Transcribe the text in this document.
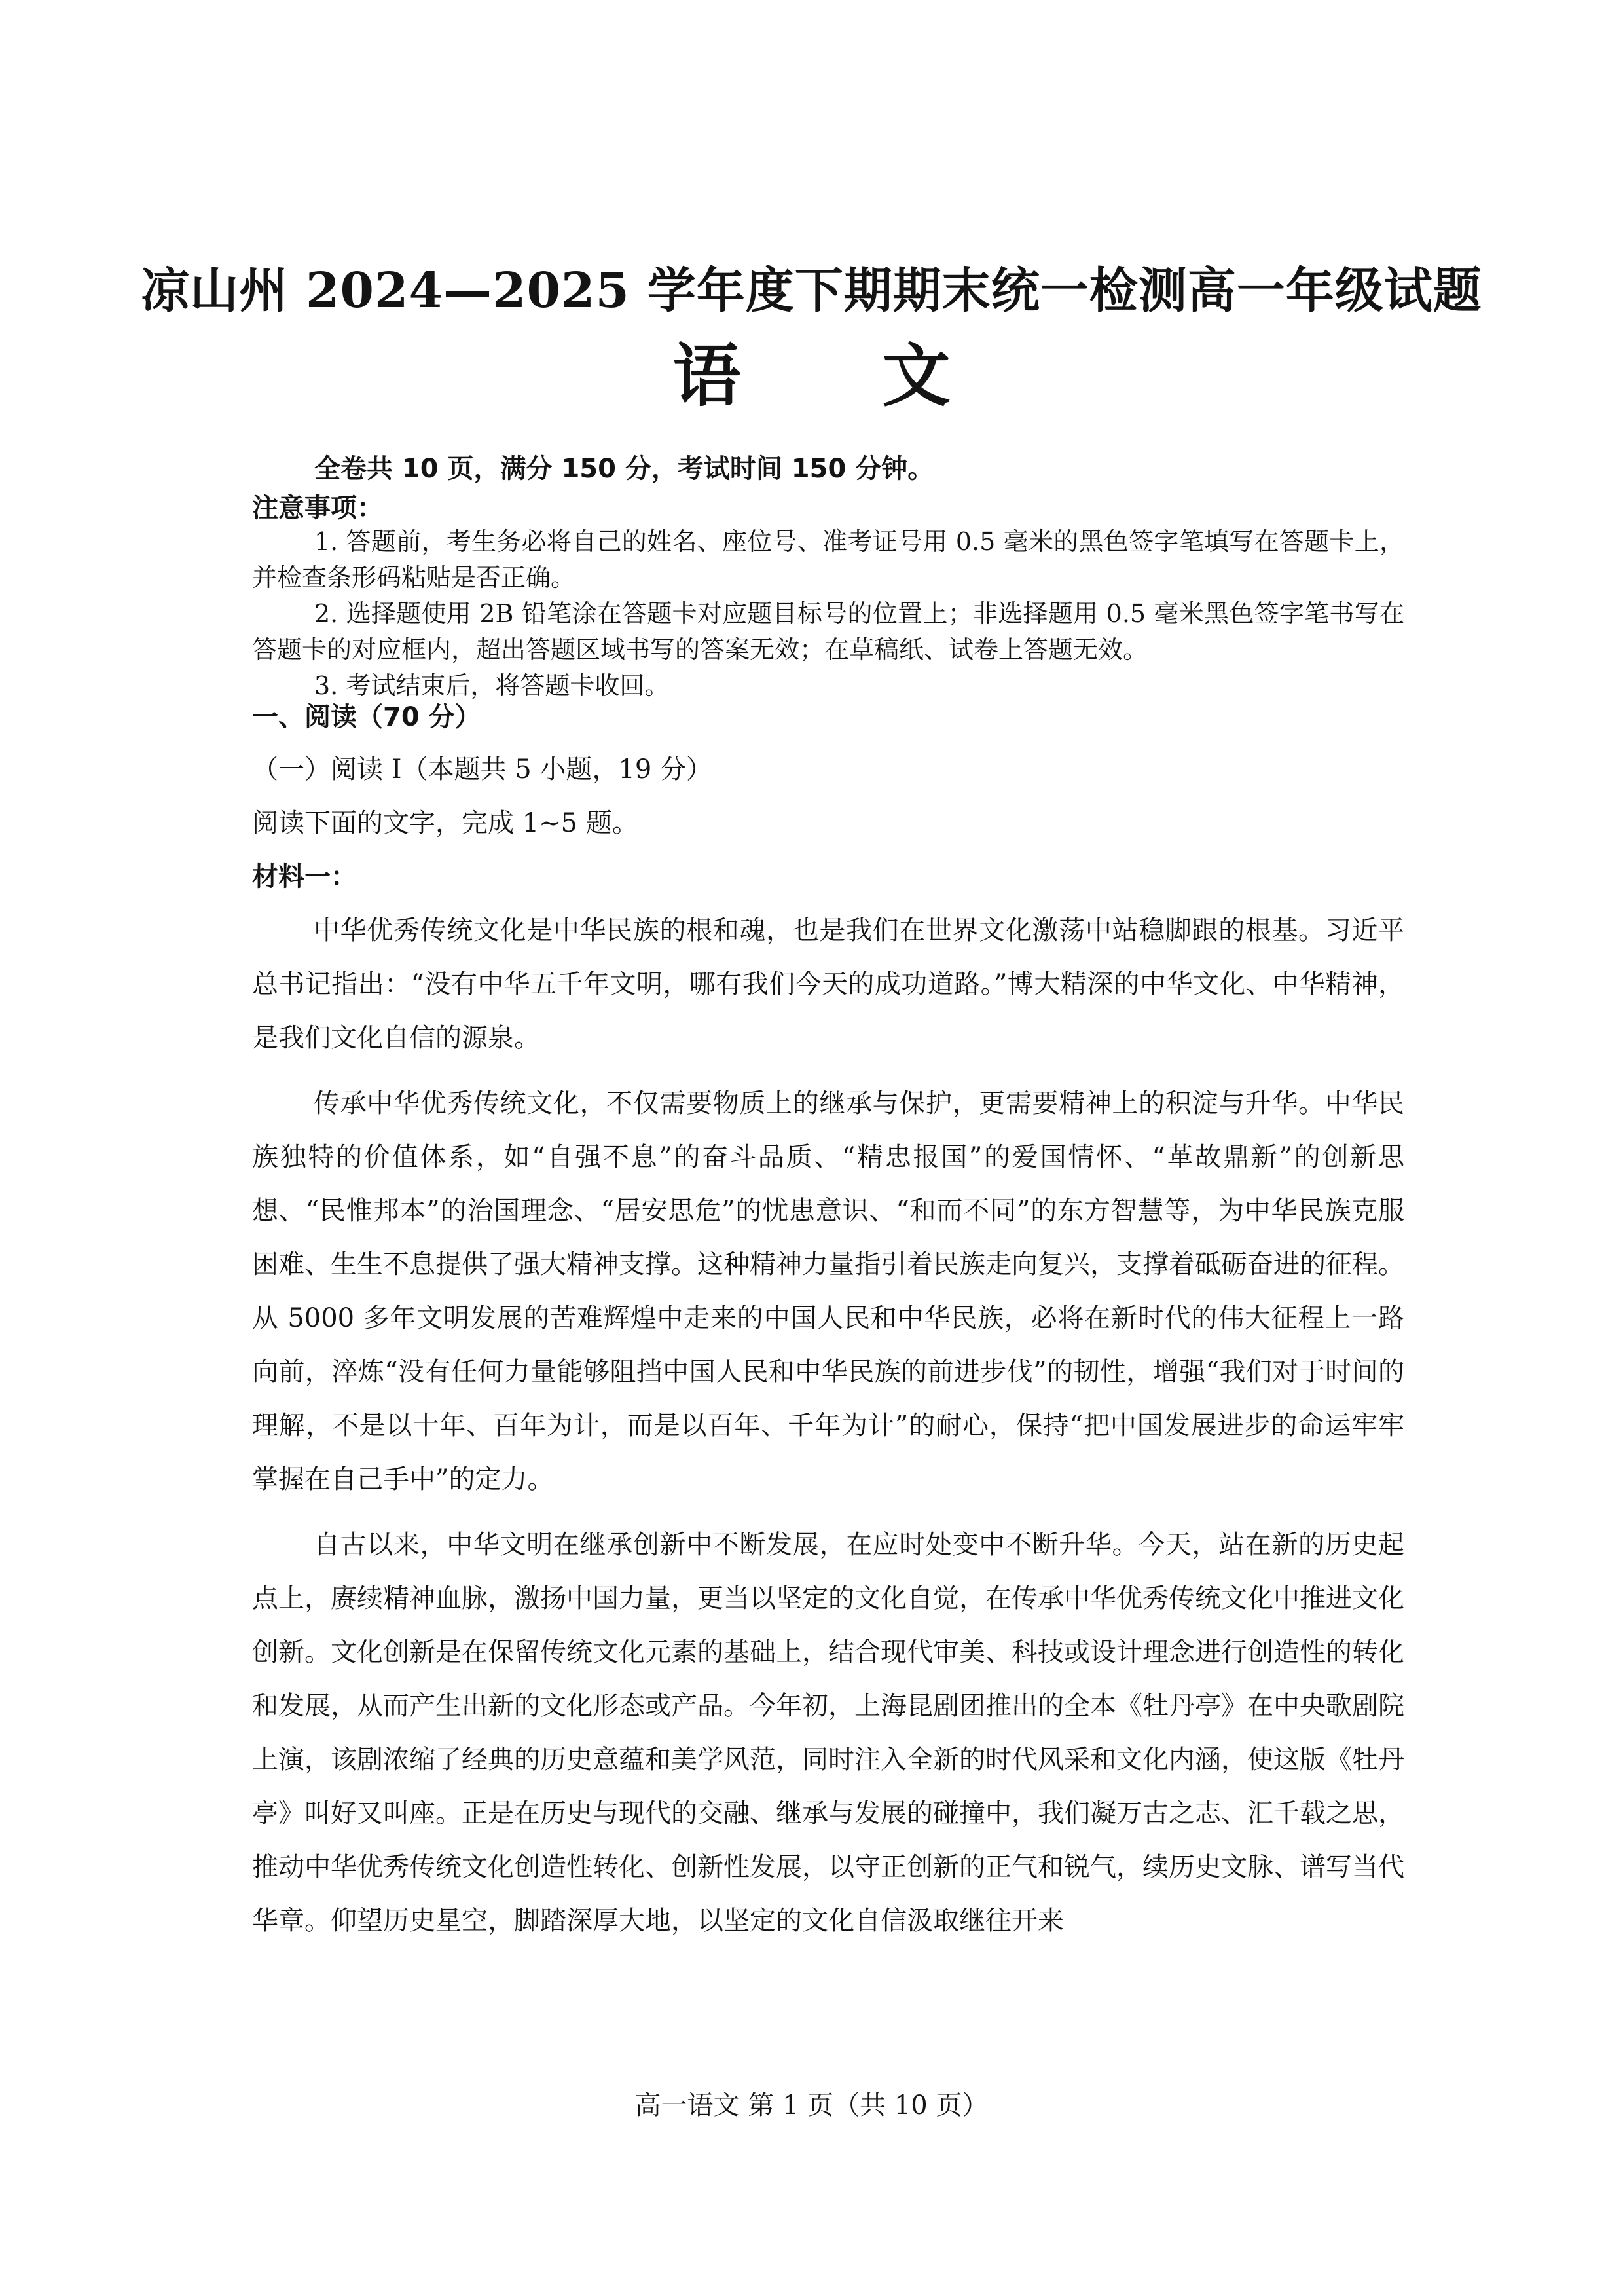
凉山州 2024—2025 学年度下期期末统一检测高一年级试题
语 文
全卷共 10 页，满分 150 分，考试时间 150 分钟。
注意事项：

1. 答题前，考生务必将自己的姓名、座位号、准考证号用 0.5 毫米的黑色签字笔填写在答题卡上，并检查条形码粘贴是否正确。

2. 选择题使用 2B 铅笔涂在答题卡对应题目标号的位置上；非选择题用 0.5 毫米黑色签字笔书写在答题卡的对应框内，超出答题区域书写的答案无效；在草稿纸、试卷上答题无效。

3. 考试结束后，将答题卡收回。

一、阅读（70 分）
（一）阅读 I（本题共 5 小题，19 分）
阅读下面的文字，完成 1~5 题。
材料一：

中华优秀传统文化是中华民族的根和魂，也是我们在世界文化激荡中站稳脚跟的根基。习近平总书记指出：“没有中华五千年文明，哪有我们今天的成功道路。”博大精深的中华文化、中华精神，是我们文化自信的源泉。

传承中华优秀传统文化，不仅需要物质上的继承与保护，更需要精神上的积淀与升华。中华民族独特的价值体系，如“自强不息”的奋斗品质、“精忠报国”的爱国情怀、“革故鼎新”的创新思想、“民惟邦本”的治国理念、“居安思危”的忧患意识、“和而不同”的东方智慧等，为中华民族克服困难、生生不息提供了强大精神支撑。这种精神力量指引着民族走向复兴，支撑着砥砺奋进的征程。从 5000 多年文明发展的苦难辉煌中走来的中国人民和中华民族，必将在新时代的伟大征程上一路向前，淬炼“没有任何力量能够阻挡中国人民和中华民族的前进步伐”的韧性，增强“我们对于时间的理解，不是以十年、百年为计，而是以百年、千年为计”的耐心，保持“把中国发展进步的命运牢牢掌握在自己手中”的定力。

自古以来，中华文明在继承创新中不断发展，在应时处变中不断升华。今天，站在新的历史起点上，赓续精神血脉，激扬中国力量，更当以坚定的文化自觉，在传承中华优秀传统文化中推进文化创新。文化创新是在保留传统文化元素的基础上，结合现代审美、科技或设计理念进行创造性的转化和发展，从而产生出新的文化形态或产品。今年初，上海昆剧团推出的全本《牡丹亭》在中央歌剧院上演，该剧浓缩了经典的历史意蕴和美学风范，同时注入全新的时代风采和文化内涵，使这版《牡丹亭》叫好又叫座。正是在历史与现代的交融、继承与发展的碰撞中，我们凝万古之志、汇千载之思，推动中华优秀传统文化创造性转化、创新性发展，以守正创新的正气和锐气，续历史文脉、谱写当代华章。仰望历史星空，脚踏深厚大地，以坚定的文化自信汲取继往开来

高一语文 第 1 页（共 10 页）
